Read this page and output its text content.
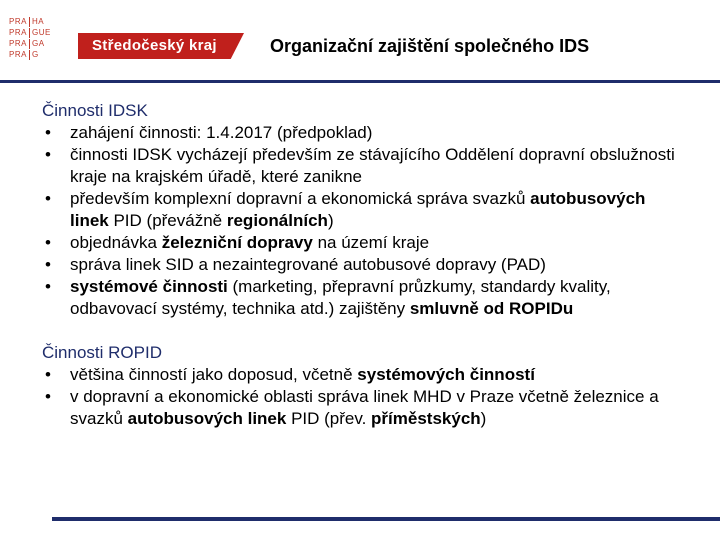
PRA HA
PRA GUE
PRA GA
PRA G
Středočeský kraj	Organizační zajištění společného IDS
Činnosti IDSK
• zahájení činnosti: 1.4.2017 (předpoklad)
• činnosti IDSK vycházejí především ze stávajícího Oddělení dopravní obslužnosti kraje na krajském úřadě, které zanikne
• především komplexní dopravní a ekonomická správa svazků autobusových linek PID (převážně regionálních)
• objednávka železniční dopravy na území kraje
• správa linek SID a nezaintegrované autobusové dopravy (PAD)
• systémové činnosti (marketing, přepravní průzkumy, standardy kvality, odbavovací systémy, technika atd.) zajištěny smluvně od ROPIDu
Činnosti ROPID
• většina činností jako doposud, včetně systémových činností
• v dopravní a ekonomické oblasti správa linek MHD v Praze včetně železnice a svazků autobusových linek PID (přev. příměstských)
